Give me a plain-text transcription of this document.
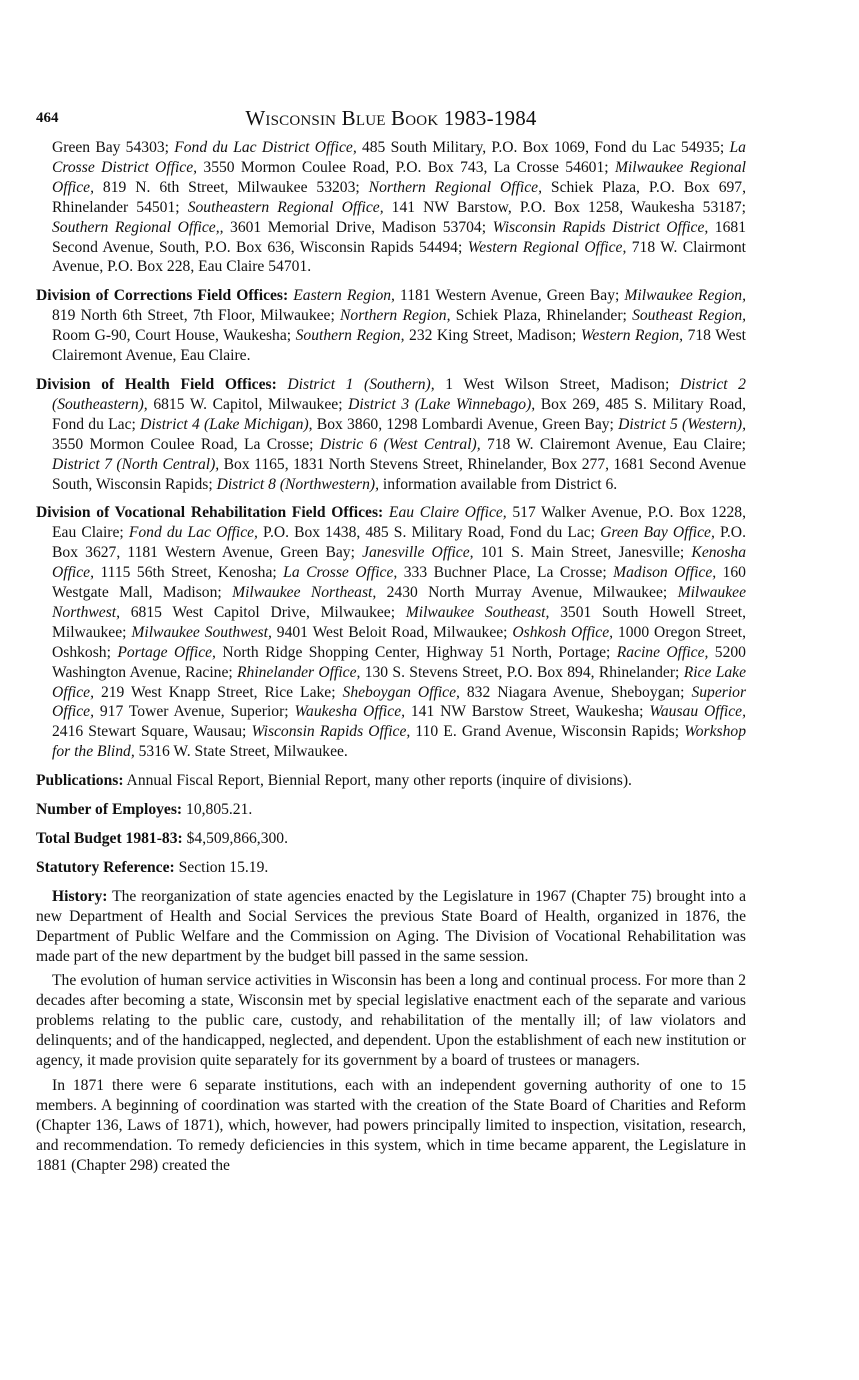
464	Wisconsin Blue Book 1983-1984

Green Bay 54303; Fond du Lac District Office, 485 South Military, P.O. Box 1069, Fond du Lac 54935; La Crosse District Office, 3550 Mormon Coulee Road, P.O. Box 743, La Crosse 54601; Milwaukee Regional Office, 819 N. 6th Street, Milwaukee 53203; Northern Regional Office, Schiek Plaza, P.O. Box 697, Rhinelander 54501; Southeastern Regional Office, 141 NW Barstow, P.O. Box 1258, Waukesha 53187; Southern Regional Office,, 3601 Memorial Drive, Madison 53704; Wisconsin Rapids District Office, 1681 Second Avenue, South, P.O. Box 636, Wisconsin Rapids 54494; Western Regional Office, 718 W. Clairmont Avenue, P.O. Box 228, Eau Claire 54701.

Division of Corrections Field Offices: Eastern Region, 1181 Western Avenue, Green Bay; Milwaukee Region, 819 North 6th Street, 7th Floor, Milwaukee; Northern Region, Schiek Plaza, Rhinelander; Southeast Region, Room G-90, Court House, Waukesha; Southern Region, 232 King Street, Madison; Western Region, 718 West Clairemont Avenue, Eau Claire.

Division of Health Field Offices: District 1 (Southern), 1 West Wilson Street, Madison; District 2 (Southeastern), 6815 W. Capitol, Milwaukee; District 3 (Lake Winnebago), Box 269, 485 S. Military Road, Fond du Lac; District 4 (Lake Michigan), Box 3860, 1298 Lombardi Avenue, Green Bay; District 5 (Western), 3550 Mormon Coulee Road, La Crosse; Distric 6 (West Central), 718 W. Clairemont Avenue, Eau Claire; District 7 (North Central), Box 1165, 1831 North Stevens Street, Rhinelander, Box 277, 1681 Second Avenue South, Wisconsin Rapids; District 8 (Northwestern), information available from District 6.

Division of Vocational Rehabilitation Field Offices: Eau Claire Office, 517 Walker Avenue, P.O. Box 1228, Eau Claire; Fond du Lac Office, P.O. Box 1438, 485 S. Military Road, Fond du Lac; Green Bay Office, P.O. Box 3627, 1181 Western Avenue, Green Bay; Janesville Office, 101 S. Main Street, Janesville; Kenosha Office, 1115 56th Street, Kenosha; La Crosse Office, 333 Buchner Place, La Crosse; Madison Office, 160 Westgate Mall, Madison; Milwaukee Northeast, 2430 North Murray Avenue, Milwaukee; Milwaukee Northwest, 6815 West Capitol Drive, Milwaukee; Milwaukee Southeast, 3501 South Howell Street, Milwaukee; Milwaukee Southwest, 9401 West Beloit Road, Milwaukee; Oshkosh Office, 1000 Oregon Street, Oshkosh; Portage Office, North Ridge Shopping Center, Highway 51 North, Portage; Racine Office, 5200 Washington Avenue, Racine; Rhinelander Office, 130 S. Stevens Street, P.O. Box 894, Rhinelander; Rice Lake Office, 219 West Knapp Street, Rice Lake; Sheboygan Office, 832 Niagara Avenue, Sheboygan; Superior Office, 917 Tower Avenue, Superior; Waukesha Office, 141 NW Barstow Street, Waukesha; Wausau Office, 2416 Stewart Square, Wausau; Wisconsin Rapids Office, 110 E. Grand Avenue, Wisconsin Rapids; Workshop for the Blind, 5316 W. State Street, Milwaukee.

Publications: Annual Fiscal Report, Biennial Report, many other reports (inquire of divisions).

Number of Employes: 10,805.21.

Total Budget 1981-83: $4,509,866,300.

Statutory Reference: Section 15.19.

History: The reorganization of state agencies enacted by the Legislature in 1967 (Chapter 75) brought into a new Department of Health and Social Services the previous State Board of Health, organized in 1876, the Department of Public Welfare and the Commission on Aging. The Division of Vocational Rehabilitation was made part of the new department by the budget bill passed in the same session.

The evolution of human service activities in Wisconsin has been a long and continual process. For more than 2 decades after becoming a state, Wisconsin met by special legislative enactment each of the separate and various problems relating to the public care, custody, and rehabilitation of the mentally ill; of law violators and delinquents; and of the handicapped, neglected, and dependent. Upon the establishment of each new institution or agency, it made provision quite separately for its government by a board of trustees or managers.

In 1871 there were 6 separate institutions, each with an independent governing authority of one to 15 members. A beginning of coordination was started with the creation of the State Board of Charities and Reform (Chapter 136, Laws of 1871), which, however, had powers principally limited to inspection, visitation, research, and recommendation. To remedy deficiencies in this system, which in time became apparent, the Legislature in 1881 (Chapter 298) created the
